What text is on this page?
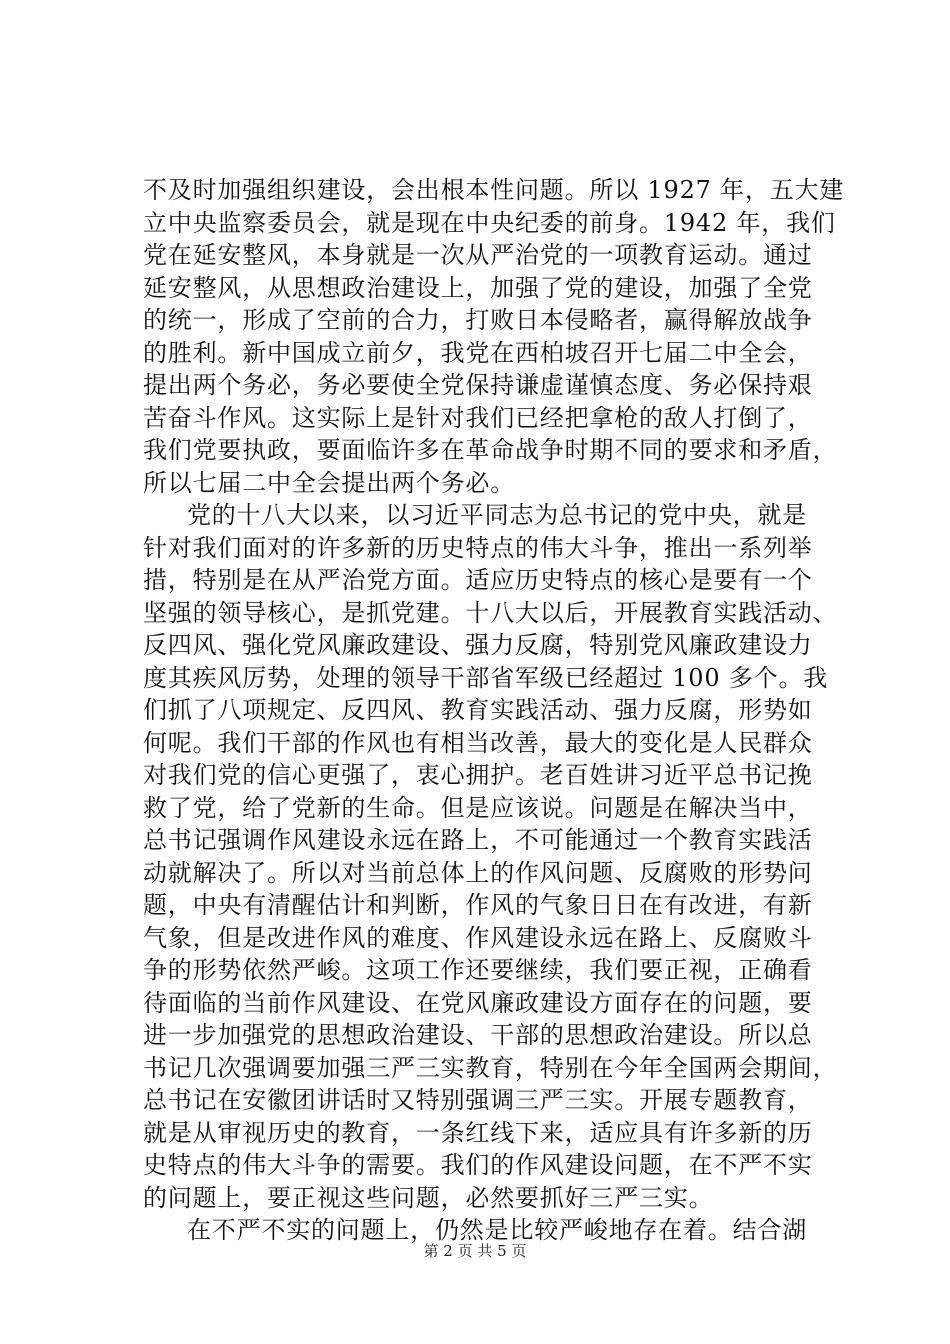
不及时加强组织建设，会出根本性问题。所以 1927 年，五大建
立中央监察委员会，就是现在中央纪委的前身。1942 年，我们
党在延安整风，本身就是一次从严治党的一项教育运动。通过
延安整风，从思想政治建设上，加强了党的建设，加强了全党
的统一，形成了空前的合力，打败日本侵略者，赢得解放战争
的胜利。新中国成立前夕，我党在西柏坡召开七届二中全会，
提出两个务必，务必要使全党保持谦虚谨慎态度、务必保持艰
苦奋斗作风。这实际上是针对我们已经把拿枪的敌人打倒了，
我们党要执政，要面临许多在革命战争时期不同的要求和矛盾，
所以七届二中全会提出两个务必。
党的十八大以来，以习近平同志为总书记的党中央，就是
针对我们面对的许多新的历史特点的伟大斗争，推出一系列举
措，特别是在从严治党方面。适应历史特点的核心是要有一个
坚强的领导核心，是抓党建。十八大以后，开展教育实践活动、
反四风、强化党风廉政建设、强力反腐，特别党风廉政建设力
度其疾风厉势，处理的领导干部省军级已经超过 100 多个。我
们抓了八项规定、反四风、教育实践活动、强力反腐，形势如
何呢。我们干部的作风也有相当改善，最大的变化是人民群众
对我们党的信心更强了，衷心拥护。老百姓讲习近平总书记挽
救了党，给了党新的生命。但是应该说。问题是在解决当中，
总书记强调作风建设永远在路上，不可能通过一个教育实践活
动就解决了。所以对当前总体上的作风问题、反腐败的形势问
题，中央有清醒估计和判断，作风的气象日日在有改进，有新
气象，但是改进作风的难度、作风建设永远在路上、反腐败斗
争的形势依然严峻。这项工作还要继续，我们要正视，正确看
待面临的当前作风建设、在党风廉政建设方面存在的问题，要
进一步加强党的思想政治建设、干部的思想政治建设。所以总
书记几次强调要加强三严三实教育，特别在今年全国两会期间，
总书记在安徽团讲话时又特别强调三严三实。开展专题教育，
就是从审视历史的教育，一条红线下来，适应具有许多新的历
史特点的伟大斗争的需要。我们的作风建设问题，在不严不实
的问题上，要正视这些问题，必然要抓好三严三实。
在不严不实的问题上，仍然是比较严峻地存在着。结合湖
第 2 页 共 5 页
